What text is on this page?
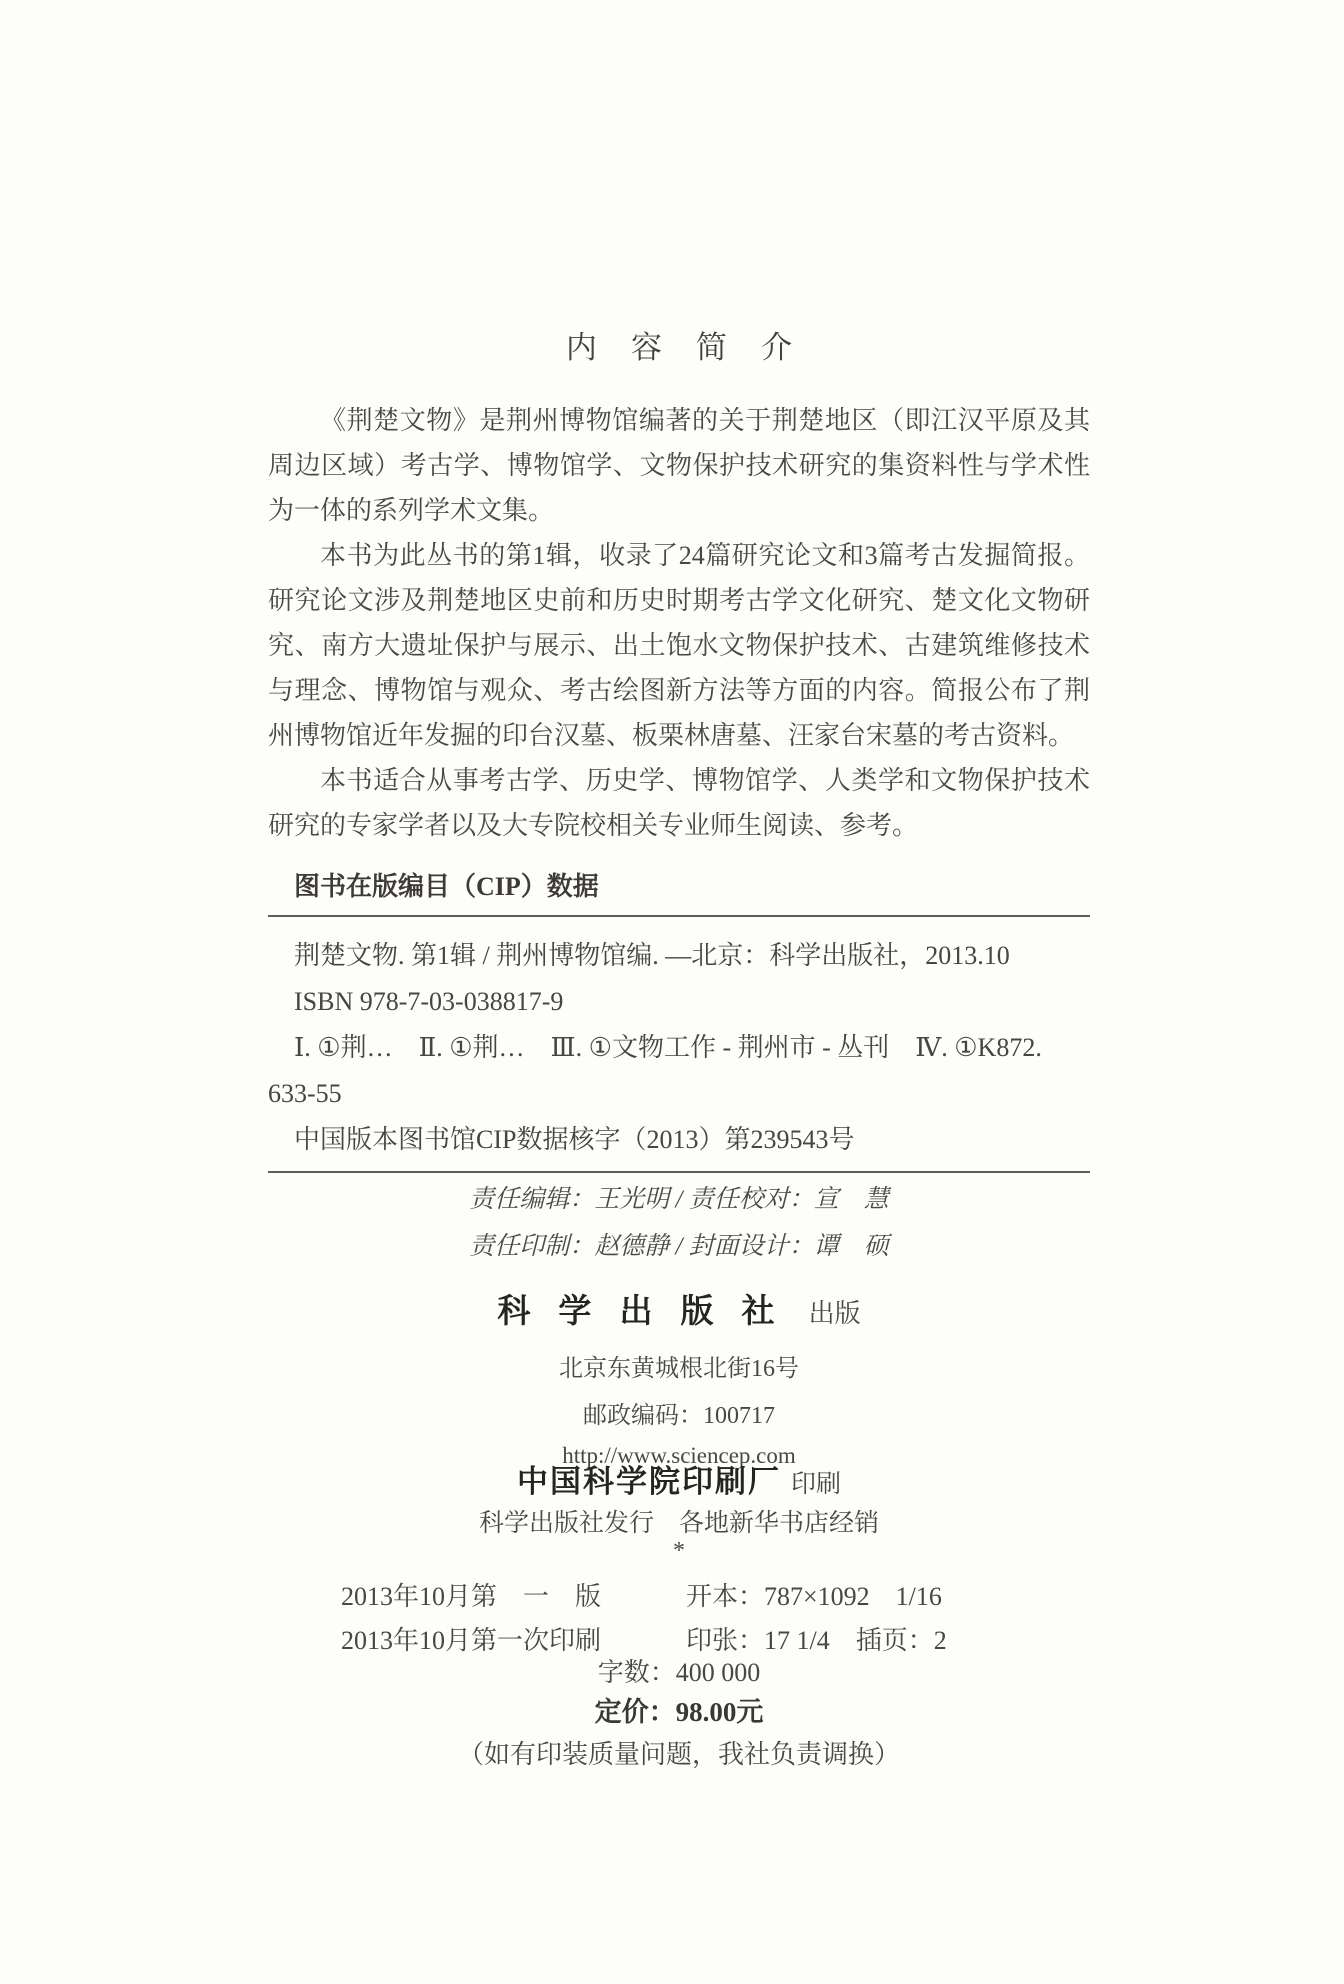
内容简介

《荆楚文物》是荆州博物馆编著的关于荆楚地区（即江汉平原及其周边区域）考古学、博物馆学、文物保护技术研究的集资料性与学术性为一体的系列学术文集。

本书为此丛书的第1辑，收录了24篇研究论文和3篇考古发掘简报。研究论文涉及荆楚地区史前和历史时期考古学文化研究、楚文化文物研究、南方大遗址保护与展示、出土饱水文物保护技术、古建筑维修技术与理念、博物馆与观众、考古绘图新方法等方面的内容。简报公布了荆州博物馆近年发掘的印台汉墓、板栗林唐墓、汪家台宋墓的考古资料。

本书适合从事考古学、历史学、博物馆学、人类学和文物保护技术研究的专家学者以及大专院校相关专业师生阅读、参考。

图书在版编目（CIP）数据

荆楚文物. 第1辑 / 荆州博物馆编. —北京：科学出版社，2013.10

ISBN 978-7-03-038817-9

Ⅰ. ①荆…　Ⅱ. ①荆…　Ⅲ. ①文物工作 - 荆州市 - 丛刊　Ⅳ. ①K872.

633-55

中国版本图书馆CIP数据核字（2013）第239543号

责任编辑：王光明 / 责任校对：宣　慧

责任印制：赵德静 / 封面设计：谭　硕

科学出版社 出版

北京东黄城根北街16号

邮政编码：100717

http://www.sciencep.com

中国科学院印刷厂 印刷

科学出版社发行　各地新华书店经销

*

2013年10月第　一　版	开本：787×1092　1/16
2013年10月第一次印刷	印张：17 1/4　插页：2

字数：400 000

定价：98.00元

（如有印装质量问题，我社负责调换）
